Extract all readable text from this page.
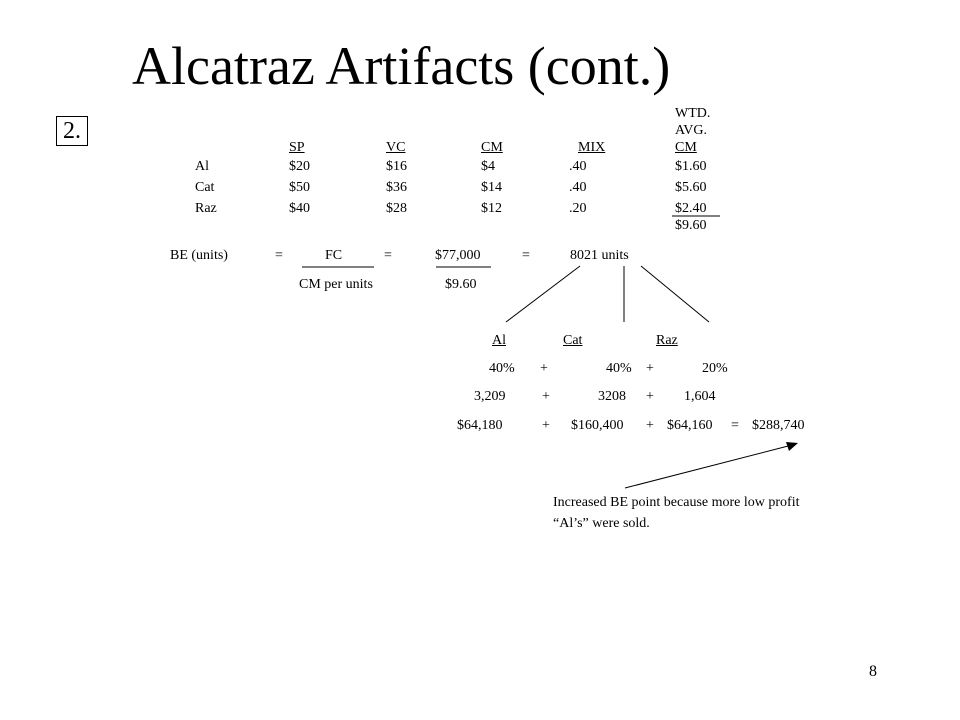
Alcatraz Artifacts (cont.)
2.
WTD.
AVG.
SP	VC	CM	MIX	CM
Al	$20	$16	$4	.40	$1.60
Cat	$50	$36	$14	.40	$5.60
Raz	$40	$28	$12	.20	$2.40
$9.60
BE (units)	=	FC	=	$77,000	=	8021 units
CM per units	$9.60
Al	Cat	Raz
40% +	40% +	20%
3,209	+	3208 + 1,604
$64,180	+ $160,400 + $64,160 = $288,740
Increased BE point because more low profit
“Al’s” were sold.
8
